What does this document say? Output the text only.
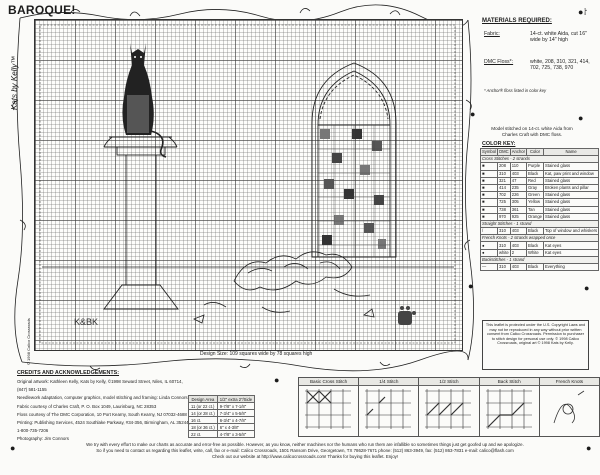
BAROQUE!
Kats by Kelly™
K&BK
Design Size: 109 squares wide by 78 squares high
© 1998 Calico Crossroads
●⸷
●	●
●	●
●
●	●
MATERIALS REQUIRED:
Fabric:	14-ct. white Aida, cut 16" wide by 14" high
DMC Floss*:	white, 208, 310, 321, 414, 702, 725, 738, 970
* Anchor® floss listed in color key
Model stitched on 14-ct. white Aida from Charles Craft with DMC floss.
COLOR KEY:
Symbol	DMC	Anchor	Color	Name
Cross Stitches - 2 strands				
■	208	110	Purple	Stained glass
■	310	403	Black	Kat, paw print and window
■	321	47	Red	Stained glass
■	414	235	Gray	Broken plants and pillar
■	702	226	Green	Stained glass
■	725	305	Yellow	Stained glass
■	738	361	Tan	Stained glass
■	970	925	Orange	Stained glass
Straight Stitches - 1 strand				
/	310	403	Black	Top of window and whiskers
French Knots - 2 strands wrapped once				
●	310	403	Black	Kat eyes
●	white	2	White	Kat eyes
Backstitches - 1 strand				
—	310	403	Black	Everything
This leaflet is protected under the U.S. Copyright Laws and may not be reproduced in any way without prior written consent from Calico Crossroads. Permission to purchaser to stitch design for personal use only. © 1998 Calico Crossroads, original art © 1998 Kats by Kelly.
CREDITS AND ACKNOWLEDGEMENTS:
Original artwork: Kathleen Kelly, Kats by Kelly, ©1998 Seward Street, Niles, IL 60714,
(847) 581-1155
Needlework adaptation, computer graphics, model stitching and framing: Linda Connors
Fabric courtesy of Charles Craft, P. O. Box 1049, Laurinburg, NC 28353
Floss courtesy of The DMC Corporation, 10 Port Kearny, South Kearny, NJ 07032-4688
Printing: Publishing Services, 4524 Southlake Parkway, #34-356, Birmingham, AL 35244,
1-800-735-7206
Photography: Jim Connors
Design Area	1/2" extra 2"/Side
11 (or 22 ct.)	9-7/8" x 7-1/8"
14 (or 28 ct.)	7-3/4" x 5-5/8"
16 ct.	6-3/4" x 4-7/8"
18 (or 36 ct.)	6" x 4-3/8"
22 ct.	4-7/8" x 3-5/8"
Basic Cross Stitch	1/4 Stitch	1/2 Stitch	Back Stitch	French Knots
We try with every effort to make our charts as accurate and error-free as possible. However, as you know, neither machines nor the humans who run them are infallible so sometimes things just get goofed up and we apologize.
So if you need to contact us regarding this leaflet, write, call, fax or e-mail: Calico Crossroads, 1501 Ransom Drive, Georgetown, TX 78628-7671 phone: (512) 863-3949, fax: (512) 863-7831 e-mail: calico@flash.com
Check out our website at http://www.calicocrossroads.com! Thanks for buying this leaflet. Enjoy!
